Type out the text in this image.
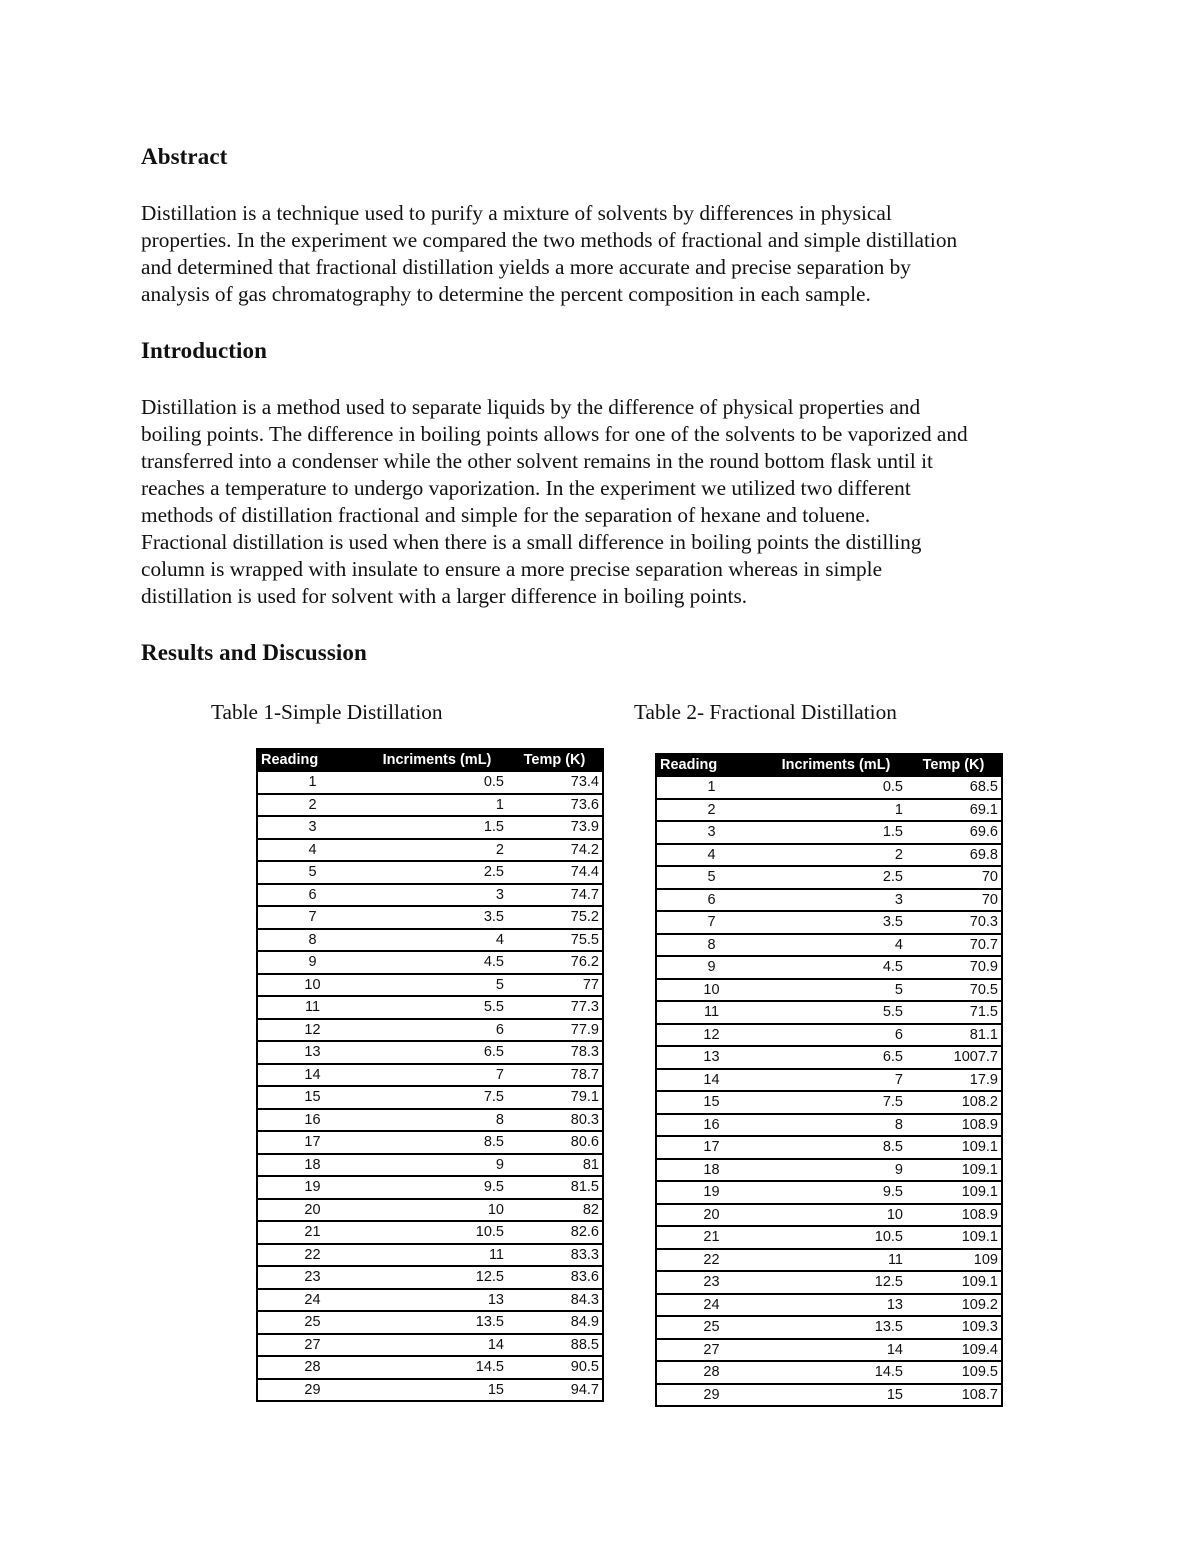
Abstract
Distillation is a technique used to purify a mixture of solvents by differences in physical
properties. In the experiment we compared the two methods of fractional and simple distillation
and determined that fractional distillation yields a more accurate and precise separation by
analysis of gas chromatography to determine the percent composition in each sample.
Introduction
Distillation is a method used to separate liquids by the difference of physical properties and
boiling points. The difference in boiling points allows for one of the solvents to be vaporized and
transferred into a condenser while the other solvent remains in the round bottom flask until it
reaches a temperature to undergo vaporization. In the experiment we utilized two different
methods of distillation fractional and simple for the separation of hexane and toluene.
Fractional distillation is used when there is a small difference in boiling points the distilling
column is wrapped with insulate to ensure a more precise separation whereas in simple
distillation is used for solvent with a larger difference in boiling points.
Results and Discussion

Table 1-Simple Distillation	Table 2- Fractional Distillation

Reading	Incriments (mL)	Temp (K)
1	0.5	73.4
2	1	73.6
3	1.5	73.9
4	2	74.2
5	2.5	74.4
6	3	74.7
7	3.5	75.2
8	4	75.5
9	4.5	76.2
10	5	77
11	5.5	77.3
12	6	77.9
13	6.5	78.3
14	7	78.7
15	7.5	79.1
16	8	80.3
17	8.5	80.6
18	9	81
19	9.5	81.5
20	10	82
21	10.5	82.6
22	11	83.3
23	12.5	83.6
24	13	84.3
25	13.5	84.9
27	14	88.5
28	14.5	90.5
29	15	94.7
Reading	Incriments (mL)	Temp (K)
1	0.5	68.5
2	1	69.1
3	1.5	69.6
4	2	69.8
5	2.5	70
6	3	70
7	3.5	70.3
8	4	70.7
9	4.5	70.9
10	5	70.5
11	5.5	71.5
12	6	81.1
13	6.5	1007.7
14	7	17.9
15	7.5	108.2
16	8	108.9
17	8.5	109.1
18	9	109.1
19	9.5	109.1
20	10	108.9
21	10.5	109.1
22	11	109
23	12.5	109.1
24	13	109.2
25	13.5	109.3
27	14	109.4
28	14.5	109.5
29	15	108.7
